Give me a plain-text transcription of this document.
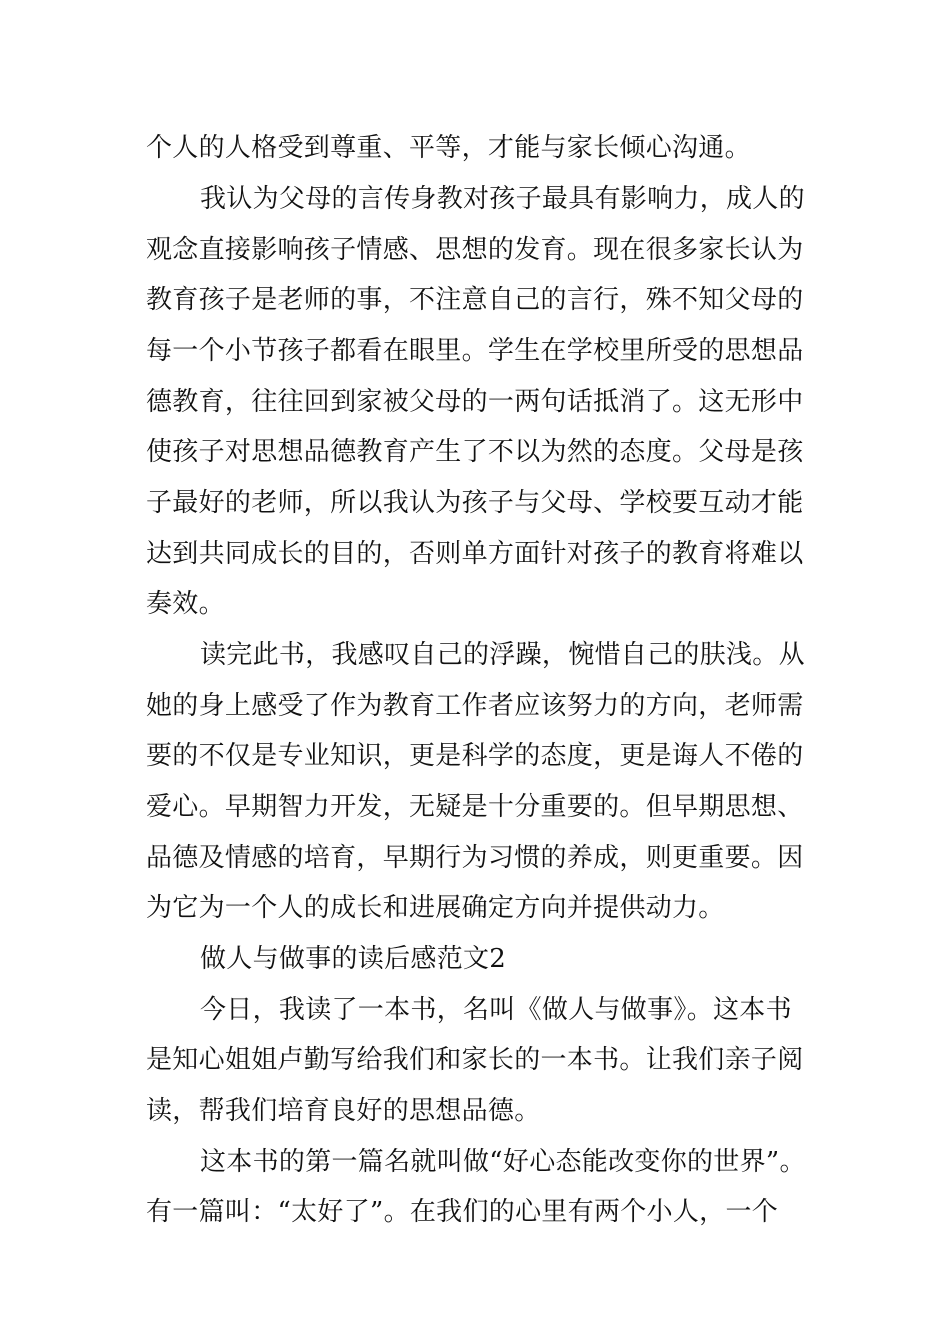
个人的人格受到尊重、平等，才能与家长倾心沟通。
我认为父母的言传身教对孩子最具有影响力，成人的
观念直接影响孩子情感、思想的发育。现在很多家长认为
教育孩子是老师的事，不注意自己的言行，殊不知父母的
每一个小节孩子都看在眼里。学生在学校里所受的思想品
德教育，往往回到家被父母的一两句话抵消了。这无形中
使孩子对思想品德教育产生了不以为然的态度。父母是孩
子最好的老师，所以我认为孩子与父母、学校要互动才能
达到共同成长的目的，否则单方面针对孩子的教育将难以
奏效。
读完此书，我感叹自己的浮躁，惋惜自己的肤浅。从
她的身上感受了作为教育工作者应该努力的方向，老师需
要的不仅是专业知识，更是科学的态度，更是诲人不倦的
爱心。早期智力开发，无疑是十分重要的。但早期思想、
品德及情感的培育，早期行为习惯的养成，则更重要。因
为它为一个人的成长和进展确定方向并提供动力。
做人与做事的读后感范文2
今日，我读了一本书，名叫《做人与做事》。这本书
是知心姐姐卢勤写给我们和家长的一本书。让我们亲子阅
读，帮我们培育良好的思想品德。
这本书的第一篇名就叫做“好心态能改变你的世界”。
有一篇叫：“太好了”。在我们的心里有两个小人，一个
